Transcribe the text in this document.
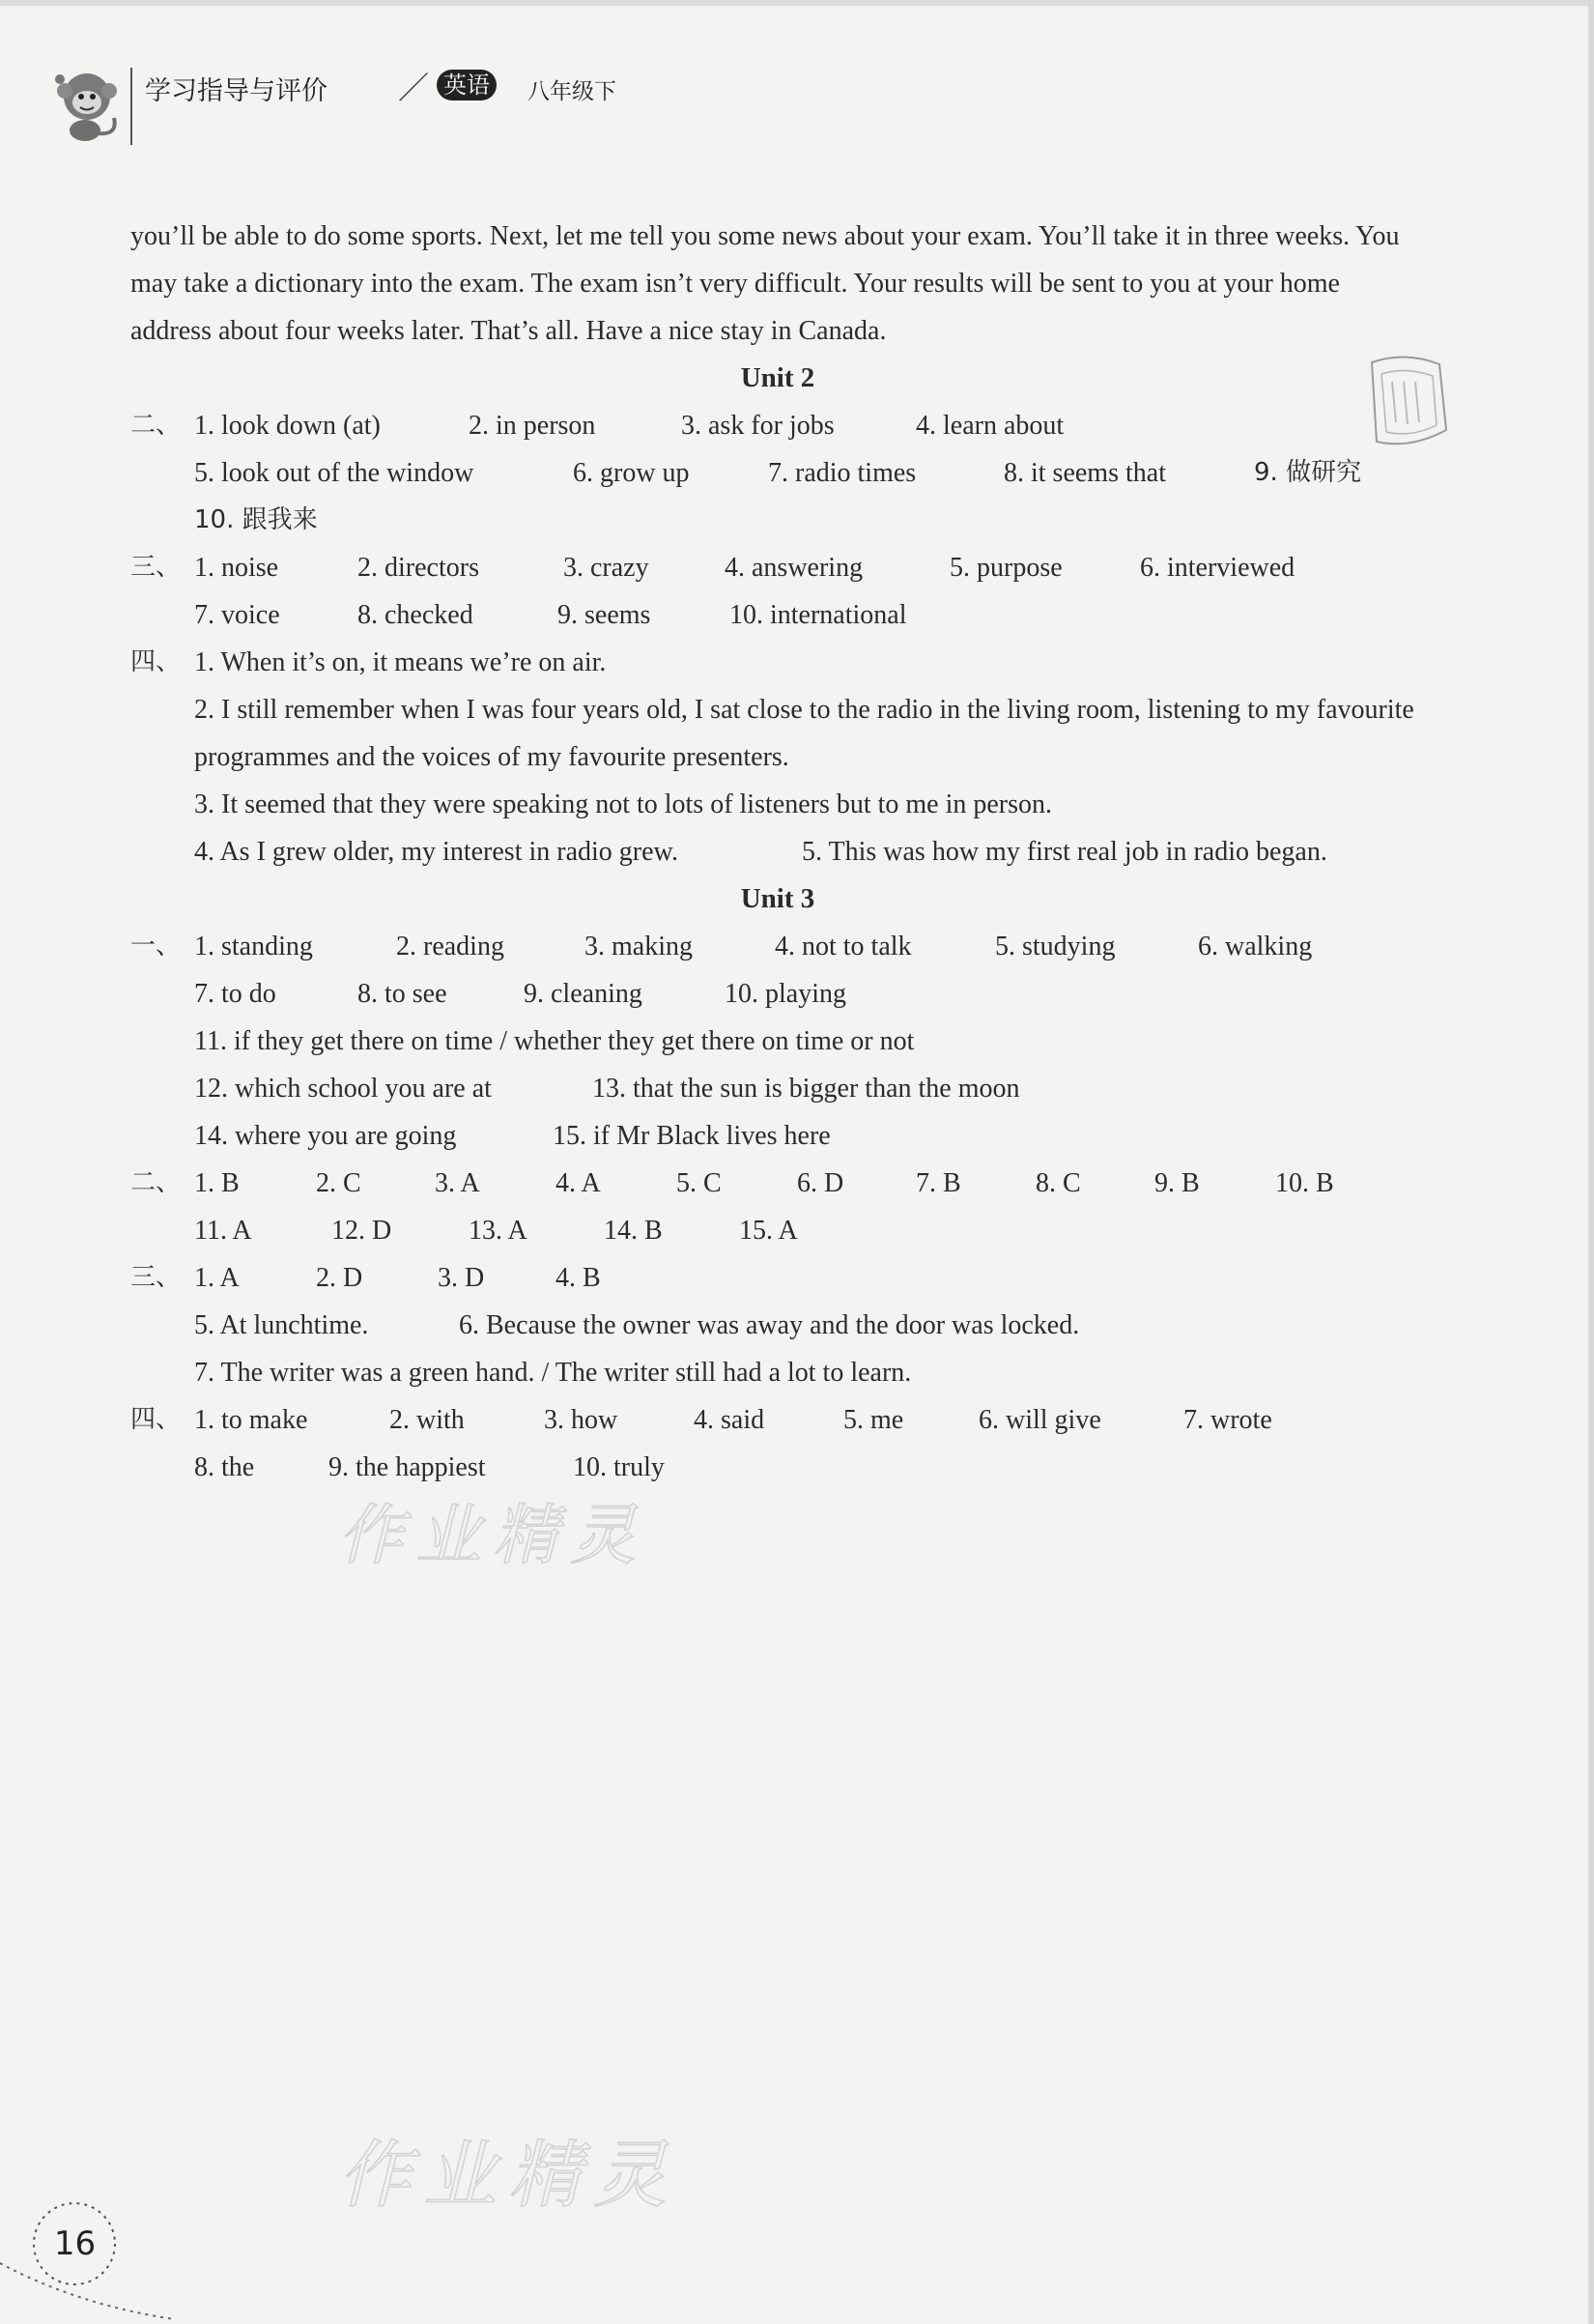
学习指导与评价 ／ 英语	八年级下
作业精灵
作业精灵

you’ll be able to do some sports. Next, let me tell you some news about your exam. You’ll take it in three weeks. You may take a dictionary into the exam. The exam isn’t very difficult. Your results will be sent to you at your home address about four weeks later. That’s all. Have a nice stay in Canada.

Unit 2

二、 1. look down (at)	2. in person	3. ask for jobs	4. learn about
5. look out of the window	6. grow up	7. radio times	8. it seems that	9. 做研究
10. 跟我来
三、 1. noise	2. directors	3. crazy	4. answering	5. purpose	6. interviewed
7. voice	8. checked	9. seems	10. international
四、 1. When it’s on, it means we’re on air.
2. I still remember when I was four years old, I sat close to the radio in the living room, listening to my favourite programmes and the voices of my favourite presenters.
3. It seemed that they were speaking not to lots of listeners but to me in person.
4. As I grew older, my interest in radio grew.	5. This was how my first real job in radio began.

Unit 3

一、 1. standing	2. reading	3. making	4. not to talk	5. studying	6. walking
7. to do	8. to see	9. cleaning	10. playing
11. if they get there on time / whether they get there on time or not
12. which school you are at	13. that the sun is bigger than the moon
14. where you are going	15. if Mr Black lives here
二、 1. B	2. C	3. A	4. A	5. C	6. D	7. B	8. C	9. B	10. B
11. A	12. D	13. A	14. B	15. A
三、 1. A	2. D	3. D	4. B
5. At lunchtime.	6. Because the owner was away and the door was locked.
7. The writer was a green hand. / The writer still had a lot to learn.
四、 1. to make	2. with	3. how	4. said	5. me	6. will give	7. wrote
8. the	9. the happiest	10. truly
16
